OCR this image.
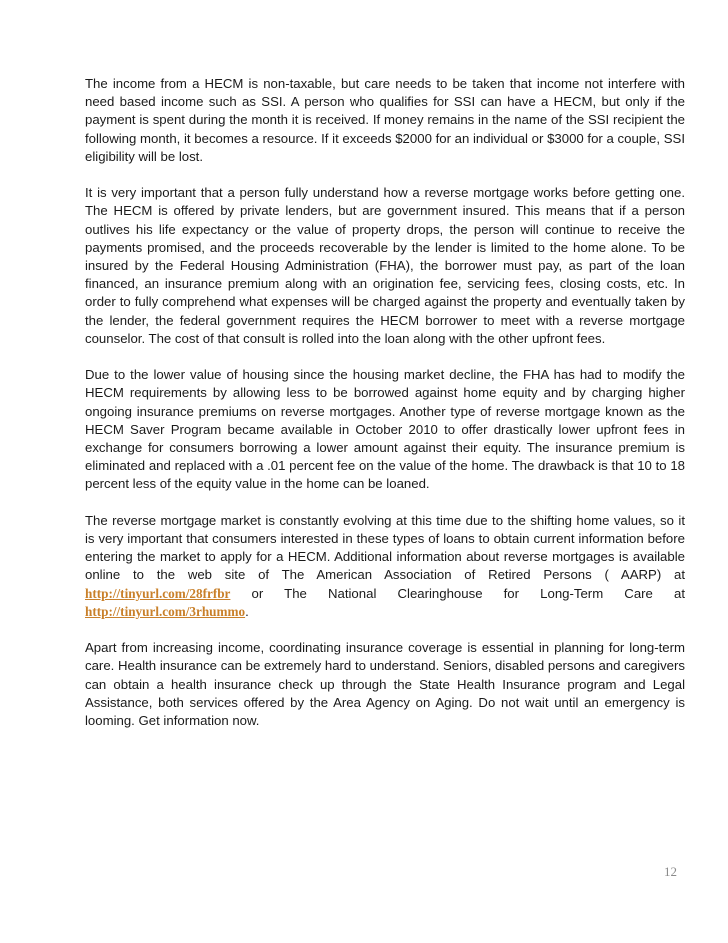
The income from a HECM is non-taxable, but care needs to be taken that income not interfere with need based income such as SSI. A person who qualifies for SSI can have a HECM, but only if the payment is spent during the month it is received. If money remains in the name of the SSI recipient the following month, it becomes a resource. If it exceeds $2000 for an individual or $3000 for a couple, SSI eligibility will be lost.

It is very important that a person fully understand how a reverse mortgage works before getting one. The HECM is offered by private lenders, but are government insured. This means that if a person outlives his life expectancy or the value of property drops, the person will continue to receive the payments promised, and the proceeds recoverable by the lender is limited to the home alone. To be insured by the Federal Housing Administration (FHA), the borrower must pay, as part of the loan financed, an insurance premium along with an origination fee, servicing fees, closing costs, etc. In order to fully comprehend what expenses will be charged against the property and eventually taken by the lender, the federal government requires the HECM borrower to meet with a reverse mortgage counselor. The cost of that consult is rolled into the loan along with the other upfront fees.

Due to the lower value of housing since the housing market decline, the FHA has had to modify the HECM requirements by allowing less to be borrowed against home equity and by charging higher ongoing insurance premiums on reverse mortgages. Another type of reverse mortgage known as the HECM Saver Program became available in October 2010 to offer drastically lower upfront fees in exchange for consumers borrowing a lower amount against their equity. The insurance premium is eliminated and replaced with a .01 percent fee on the value of the home. The drawback is that 10 to 18 percent less of the equity value in the home can be loaned.

The reverse mortgage market is constantly evolving at this time due to the shifting home values, so it is very important that consumers interested in these types of loans to obtain current information before entering the market to apply for a HECM. Additional information about reverse mortgages is available online to the web site of The American Association of Retired Persons ( AARP) at http://tinyurl.com/28frfbr or The National Clearinghouse for Long-Term Care at http://tinyurl.com/3rhummo.

Apart from increasing income, coordinating insurance coverage is essential in planning for long-term care. Health insurance can be extremely hard to understand. Seniors, disabled persons and caregivers can obtain a health insurance check up through the State Health Insurance program and Legal Assistance, both services offered by the Area Agency on Aging. Do not wait until an emergency is looming. Get information now.

12
